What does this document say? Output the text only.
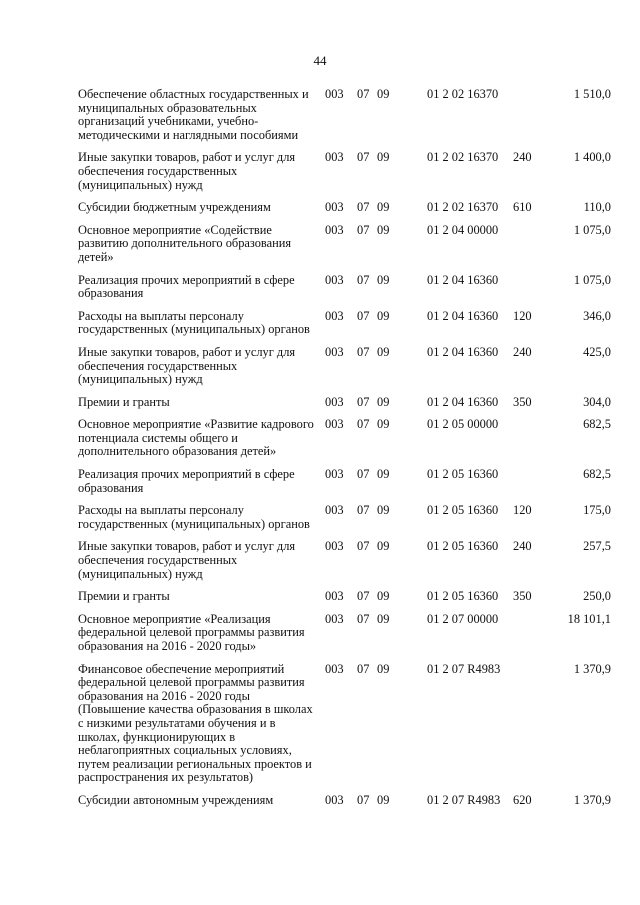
44
Обеспечение областных государственных и муниципальных образовательных организаций учебниками, учебно-методическими и наглядными пособиями	003	07	09	01 2 02 16370		1 510,0
Иные закупки товаров, работ и услуг для обеспечения государственных (муниципальных) нужд	003	07	09	01 2 02 16370	240	1 400,0
Субсидии бюджетным учреждениям	003	07	09	01 2 02 16370	610	110,0
Основное мероприятие «Содействие развитию дополнительного образования детей»	003	07	09	01 2 04 00000		1 075,0
Реализация прочих мероприятий в сфере образования	003	07	09	01 2 04 16360		1 075,0
Расходы на выплаты персоналу государственных (муниципальных) органов	003	07	09	01 2 04 16360	120	346,0
Иные закупки товаров, работ и услуг для обеспечения государственных (муниципальных) нужд	003	07	09	01 2 04 16360	240	425,0
Премии и гранты	003	07	09	01 2 04 16360	350	304,0
Основное мероприятие «Развитие кадрового потенциала системы общего и дополнительного образования детей»	003	07	09	01 2 05 00000		682,5
Реализация прочих мероприятий в сфере образования	003	07	09	01 2 05 16360		682,5
Расходы на выплаты персоналу государственных (муниципальных) органов	003	07	09	01 2 05 16360	120	175,0
Иные закупки товаров, работ и услуг для обеспечения государственных (муниципальных) нужд	003	07	09	01 2 05 16360	240	257,5
Премии и гранты	003	07	09	01 2 05 16360	350	250,0
Основное мероприятие «Реализация федеральной целевой программы развития образования на 2016 - 2020 годы»	003	07	09	01 2 07 00000		18 101,1
Финансовое обеспечение мероприятий федеральной целевой программы развития образования на 2016 - 2020 годы (Повышение качества образования в школах с низкими результатами обучения и в школах, функционирующих в неблагоприятных социальных условиях, путем реализации региональных проектов и распространения их результатов)	003	07	09	01 2 07 R4983		1 370,9
Субсидии автономным учреждениям	003	07	09	01 2 07 R4983	620	1 370,9
